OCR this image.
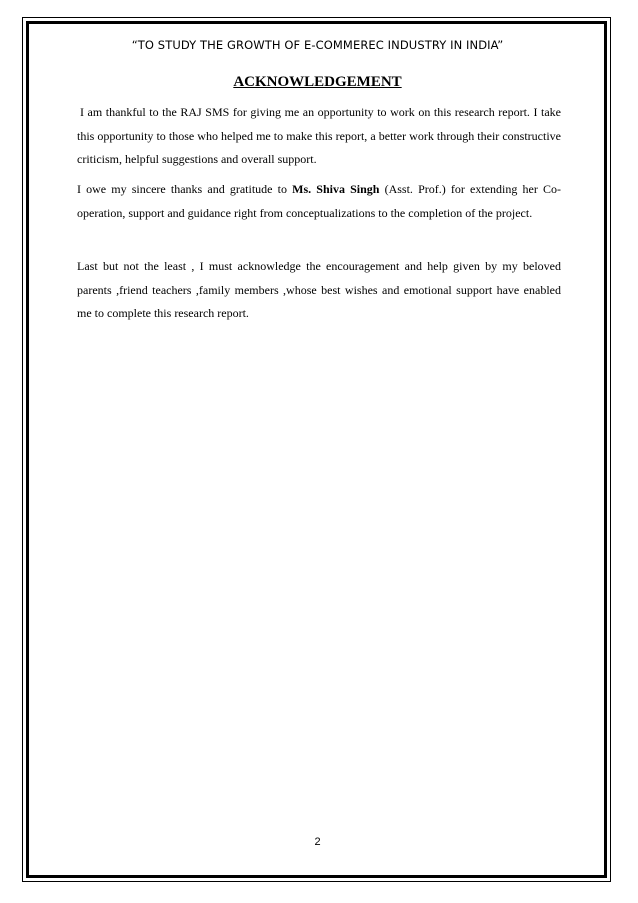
“TO STUDY THE GROWTH OF E-COMMEREC INDUSTRY IN INDIA”
ACKNOWLEDGEMENT

I am thankful to the RAJ SMS for giving me an opportunity to work on this research report. I take this opportunity to those who helped me to make this report, a better work through their constructive criticism, helpful suggestions and overall support.

I owe my sincere thanks and gratitude to Ms. Shiva Singh (Asst. Prof.) for extending her Co-operation, support and guidance right from conceptualizations to the completion of the project.

Last but not the least , I must acknowledge the encouragement and help given by my beloved parents ,friend teachers ,family members ,whose best wishes and emotional support have enabled me to complete this research report.

2
